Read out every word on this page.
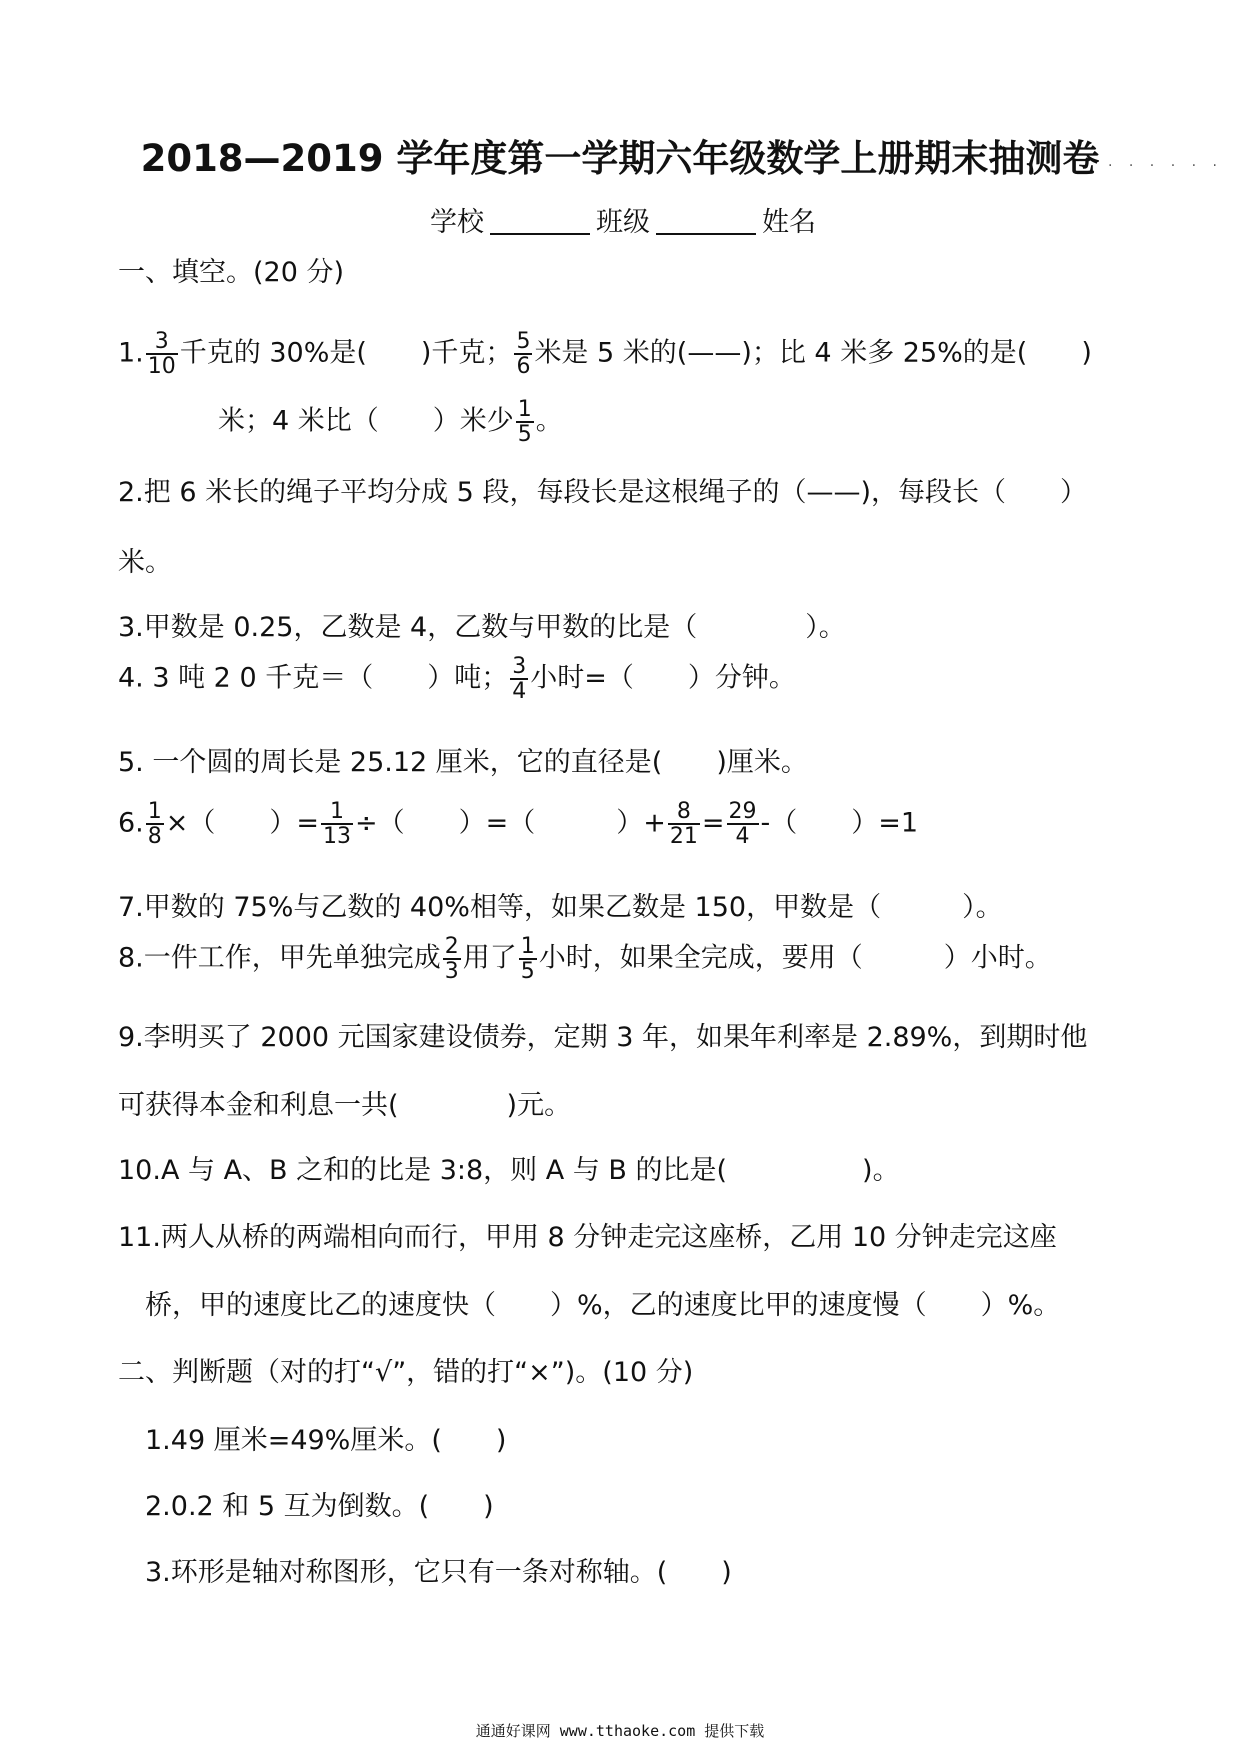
2018—2019 学年度第一学期六年级数学上册期末抽测卷 · · · · · ·
学校	班级	姓名
一、填空。(20 分)
1. $\frac{3}{10}$ 千克的 30%是(　　)千克； $\frac{5}{6}$ 米是 5 米的(——)；比 4 米多 25%的是(　　)
米；4 米比（　　）米少 $\frac{1}{5}$ 。
2.把 6 米长的绳子平均分成 5 段，每段长是这根绳子的（——)，每段长（　　）
米。
3.甲数是 0.25，乙数是 4，乙数与甲数的比是（　　　　）。
4. 3 吨 2 0 千克＝（　　）吨； $\frac{3}{4}$ 小时=（　　）分钟。
5. 一个圆的周长是 25.12 厘米，它的直径是(　　)厘米。
6. $\frac{1}{8}$ ×（　　）= $\frac{1}{13}$ ÷（　　）=（　　　）+ $\frac{8}{21} = \frac{29}{4}$ -（　　）=1
7.甲数的 75%与乙数的 40%相等，如果乙数是 150，甲数是（　　　）。
8.一件工作，甲先单独完成 $\frac{2}{3}$ 用了 $\frac{1}{5}$ 小时，如果全完成，要用（　　　）小时。
9.李明买了 2000 元国家建设债券，定期 3 年，如果年利率是 2.89%，到期时他
可获得本金和利息一共(　　　　)元。
10.A 与 A、B 之和的比是 3:8，则 A 与 B 的比是(　　　　　)。
11.两人从桥的两端相向而行，甲用 8 分钟走完这座桥，乙用 10 分钟走完这座
桥，甲的速度比乙的速度快（　　）%，乙的速度比甲的速度慢（　　）%。
二、判断题（对的打“√”，错的打“×”)。(10 分)
1.49 厘米=49%厘米。(　　)
2.0.2 和 5 互为倒数。(　　)
3.环形是轴对称图形，它只有一条对称轴。(　　)
通通好课网 www.tthaoke.com 提供下载
